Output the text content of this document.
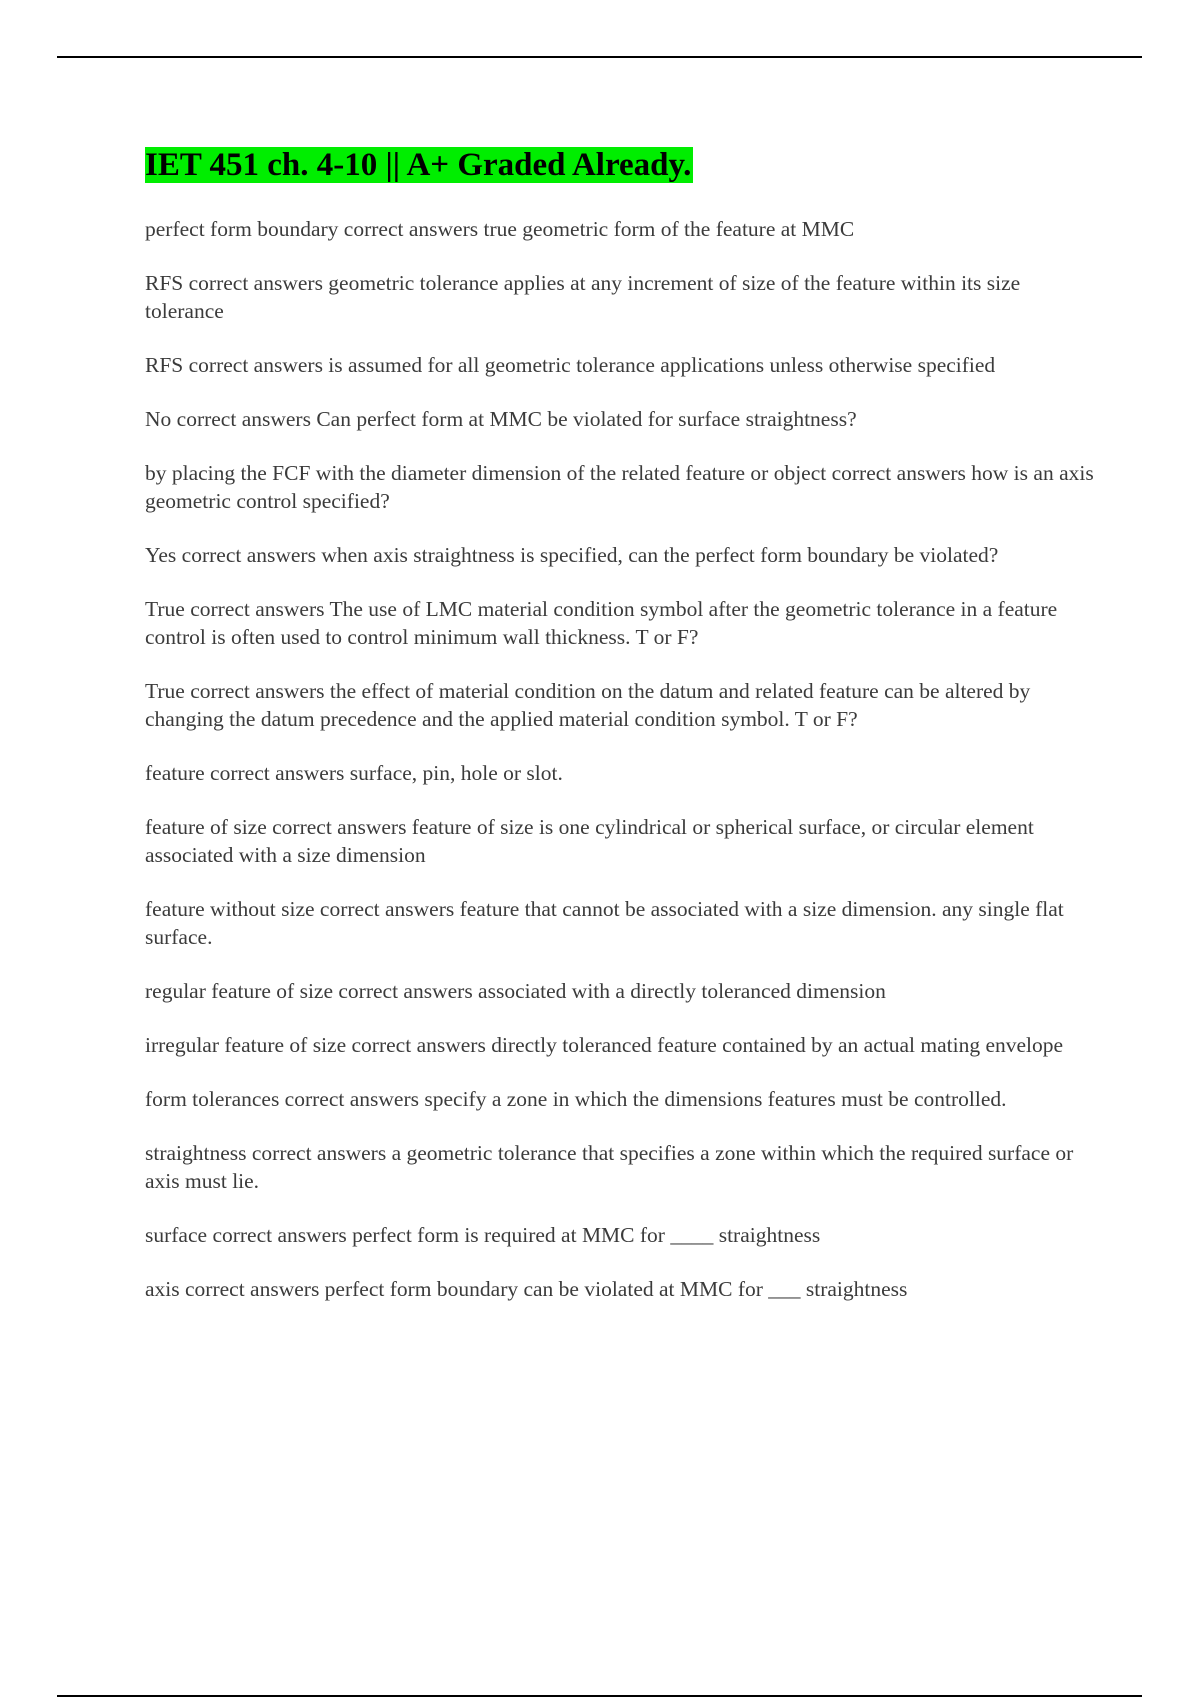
IET 451 ch. 4-10 || A+ Graded Already.

perfect form boundary correct answers true geometric form of the feature at MMC

RFS correct answers geometric tolerance applies at any increment of size of the feature within its size tolerance

RFS correct answers is assumed for all geometric tolerance applications unless otherwise specified

No correct answers Can perfect form at MMC be violated for surface straightness?

by placing the FCF with the diameter dimension of the related feature or object correct answers how is an axis geometric control specified?

Yes correct answers when axis straightness is specified, can the perfect form boundary be violated?

True correct answers The use of LMC material condition symbol after the geometric tolerance in a feature control is often used to control minimum wall thickness. T or F?

True correct answers the effect of material condition on the datum and related feature can be altered by changing the datum precedence and the applied material condition symbol. T or F?

feature correct answers surface, pin, hole or slot.

feature of size correct answers feature of size is one cylindrical or spherical surface, or circular element associated with a size dimension

feature without size correct answers feature that cannot be associated with a size dimension. any single flat surface.

regular feature of size correct answers associated with a directly toleranced dimension

irregular feature of size correct answers directly toleranced feature contained by an actual mating envelope

form tolerances correct answers specify a zone in which the dimensions features must be controlled.

straightness correct answers a geometric tolerance that specifies a zone within which the required surface or axis must lie.

surface correct answers perfect form is required at MMC for ____ straightness

axis correct answers perfect form boundary can be violated at MMC for ___ straightness
